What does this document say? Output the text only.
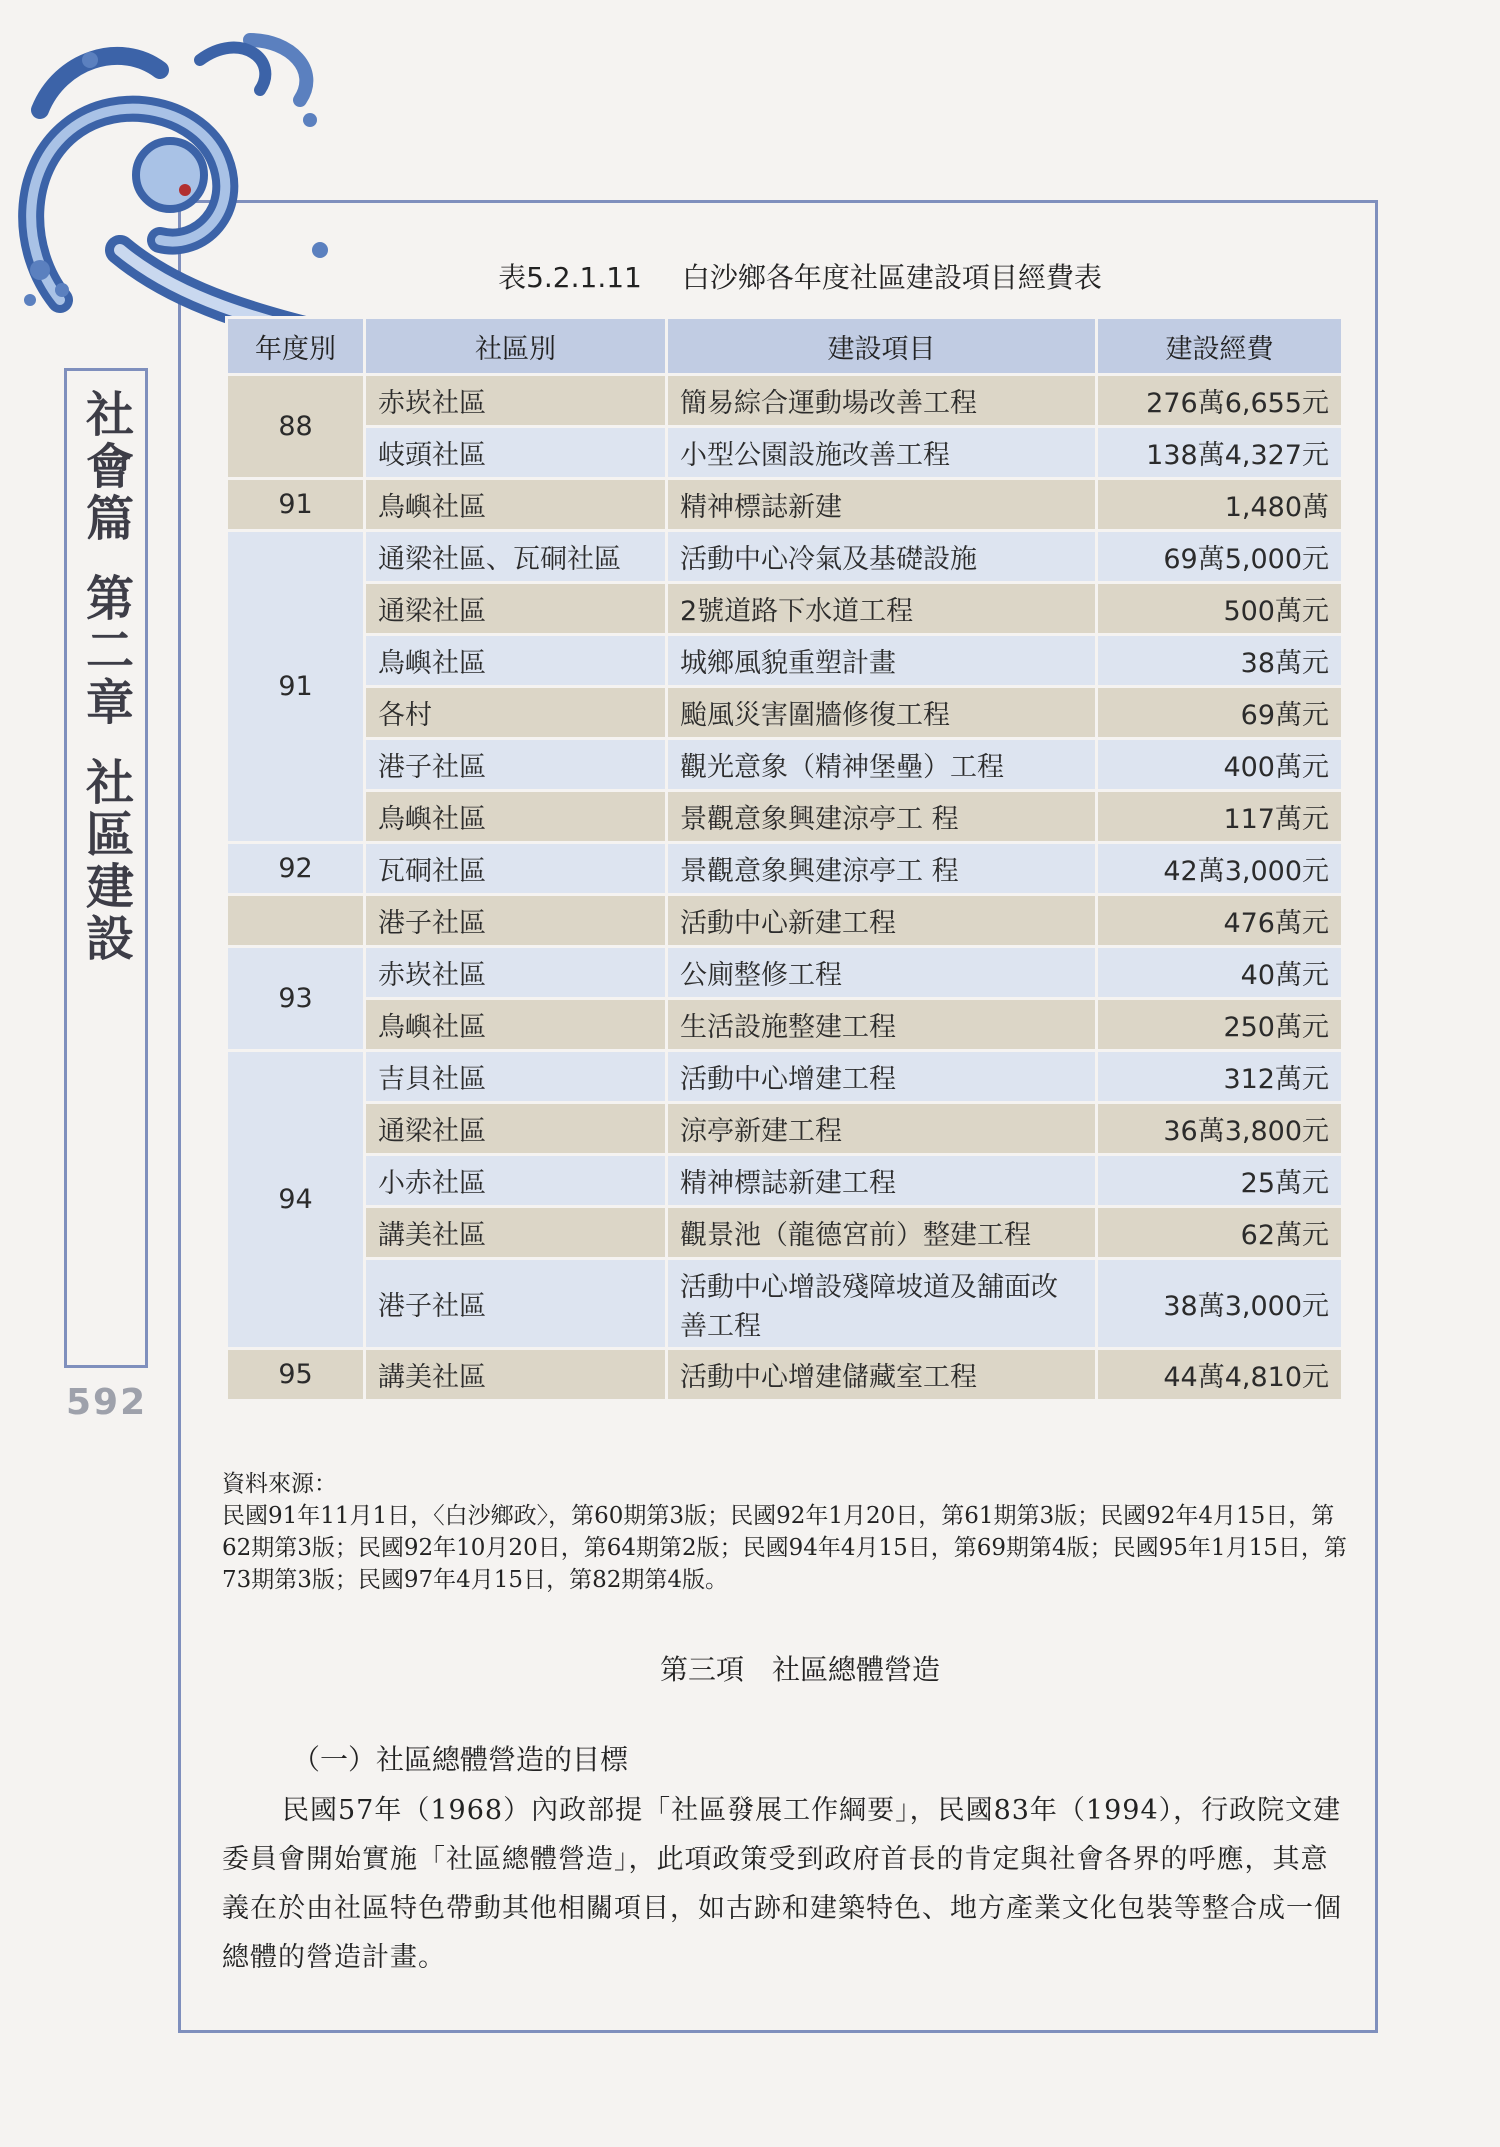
社會篇第二章社區建設
592
表5.2.1.11 白沙鄉各年度社區建設項目經費表
年度別	社區別	建設項目	建設經費
88	赤崁社區	簡易綜合運動場改善工程	276萬6,655元
	岐頭社區	小型公園設施改善工程	138萬4,327元
91	鳥嶼社區	精神標誌新建	1,480萬
91	通梁社區、瓦硐社區	活動中心冷氣及基礎設施	69萬5,000元
	通梁社區	2號道路下水道工程	500萬元
	鳥嶼社區	城鄉風貌重塑計畫	38萬元
	各村	颱風災害圍牆修復工程	69萬元
	港子社區	觀光意象（精神堡壘）工程	400萬元
	鳥嶼社區	景觀意象興建涼亭工 程	117萬元
92	瓦硐社區	景觀意象興建涼亭工 程	42萬3,000元
	港子社區	活動中心新建工程	476萬元
93	赤崁社區	公廁整修工程	40萬元
	鳥嶼社區	生活設施整建工程	250萬元
94	吉貝社區	活動中心增建工程	312萬元
	通梁社區	涼亭新建工程	36萬3,800元
	小赤社區	精神標誌新建工程	25萬元
	講美社區	觀景池（龍德宮前）整建工程	62萬元
	港子社區	活動中心增設殘障坡道及舖面改善工程	38萬3,000元
95	講美社區	活動中心增建儲藏室工程	44萬4,810元
資料來源：
民國91年11月1日，〈白沙鄉政〉，第60期第3版；民國92年1月20日，第61期第3版；民國92年4月15日，第62期第3版；民國92年10月20日，第64期第2版；民國94年4月15日，第69期第4版；民國95年1月15日，第73期第3版；民國97年4月15日，第82期第4版。
第三項 社區總體營造
（一）社區總體營造的目標
民國57年（1968）內政部提「社區發展工作綱要」，民國83年（1994），行政院文建委員會開始實施「社區總體營造」，此項政策受到政府首長的肯定與社會各界的呼應，其意義在於由社區特色帶動其他相關項目，如古跡和建築特色、地方產業文化包裝等整合成一個總體的營造計畫。
